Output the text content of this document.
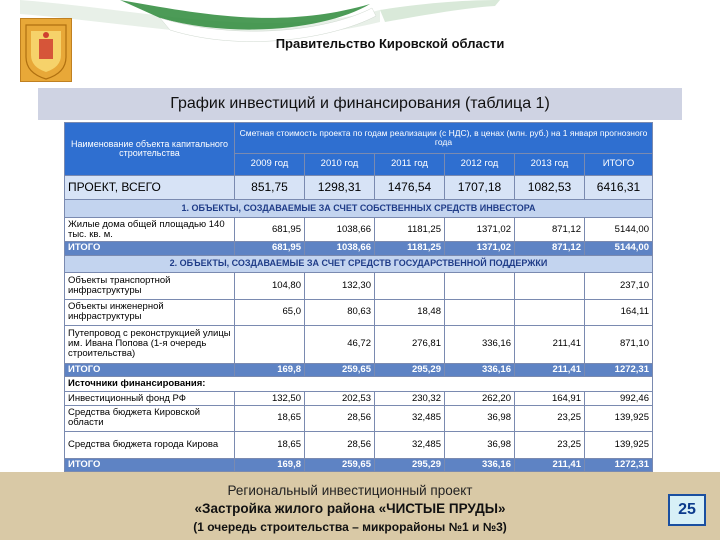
Правительство Кировской области
График инвестиций и финансирования (таблица 1)
Наименование объекта капитального строительства	Сметная стоимость проекта по годам реализации (с НДС), в ценах (млн. руб.) на 1 января прогнозного года					
	2009 год	2010 год	2011 год	2012 год	2013 год	ИТОГО
ПРОЕКТ, ВСЕГО	851,75	1298,31	1476,54	1707,18	1082,53	6416,31
1. ОБЪЕКТЫ, СОЗДАВАЕМЫЕ ЗА СЧЕТ СОБСТВЕННЫХ СРЕДСТВ ИНВЕСТОРА						
Жилые дома общей площадью 140 тыс. кв. м.	681,95	1038,66	1181,25	1371,02	871,12	5144,00
ИТОГО	681,95	1038,66	1181,25	1371,02	871,12	5144,00
2. ОБЪЕКТЫ, СОЗДАВАЕМЫЕ ЗА СЧЕТ СРЕДСТВ ГОСУДАРСТВЕННОЙ ПОДДЕРЖКИ						
Объекты транспортной инфраструктуры	104,80	132,30				237,10
Объекты инженерной инфраструктуры	65,0	80,63	18,48			164,11
Путепровод с реконструкцией улицы им. Ивана Попова (1-я очередь строительства)		46,72	276,81	336,16	211,41	871,10
ИТОГО	169,8	259,65	295,29	336,16	211,41	1272,31
Источники финансирования:						
Инвестиционный фонд РФ	132,50	202,53	230,32	262,20	164,91	992,46
Средства бюджета Кировской области	18,65	28,56	32,485	36,98	23,25	139,925
Средства бюджета города Кирова	18,65	28,56	32,485	36,98	23,25	139,925
ИТОГО	169,8	259,65	295,29	336,16	211,41	1272,31
Региональный инвестиционный проект
«Застройка жилого района «ЧИСТЫЕ ПРУДЫ»
(1 очередь строительства – микрорайоны №1 и №3)
25
